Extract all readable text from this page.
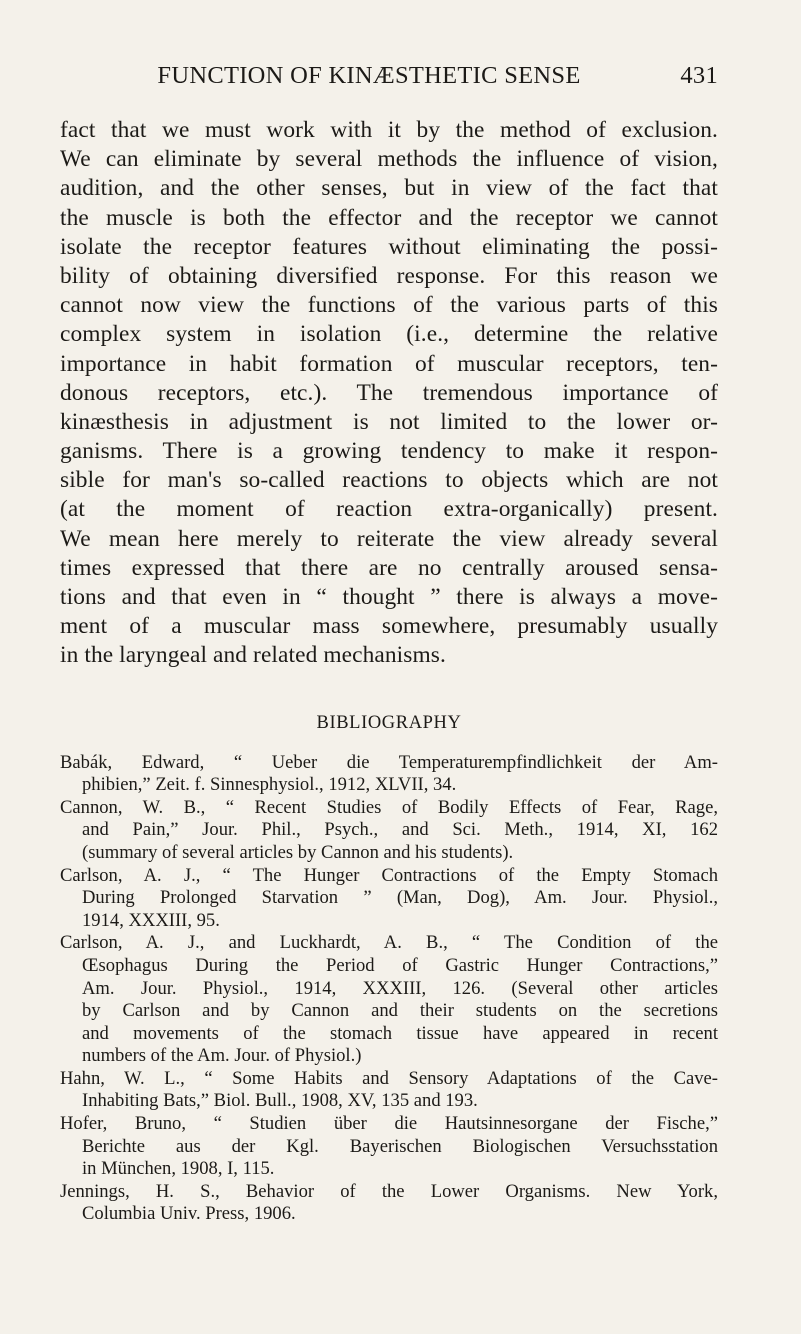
FUNCTION OF KINÆSTHETIC SENSE	431
fact that we must work with it by the method of exclusion.
We can eliminate by several methods the influence of vision,
audition, and the other senses, but in view of the fact that
the muscle is both the effector and the receptor we cannot
isolate the receptor features without eliminating the possi-
bility of obtaining diversified response. For this reason we
cannot now view the functions of the various parts of this
complex system in isolation (i.e., determine the relative
importance in habit formation of muscular receptors, ten-
donous receptors, etc.). The tremendous importance of
kinæsthesis in adjustment is not limited to the lower or-
ganisms. There is a growing tendency to make it respon-
sible for man's so-called reactions to objects which are not
(at the moment of reaction extra-organically) present.
We mean here merely to reiterate the view already several
times expressed that there are no centrally aroused sensa-
tions and that even in “ thought ” there is always a move-
ment of a muscular mass somewhere, presumably usually
in the laryngeal and related mechanisms.
BIBLIOGRAPHY
Babák, Edward, “ Ueber die Temperaturempfindlichkeit der Am-
phibien,” Zeit. f. Sinnesphysiol., 1912, XLVII, 34.
Cannon, W. B., “ Recent Studies of Bodily Effects of Fear, Rage,
and Pain,” Jour. Phil., Psych., and Sci. Meth., 1914, XI, 162
(summary of several articles by Cannon and his students).
Carlson, A. J., “ The Hunger Contractions of the Empty Stomach
During Prolonged Starvation ” (Man, Dog), Am. Jour. Physiol.,
1914, XXXIII, 95.
Carlson, A. J., and Luckhardt, A. B., “ The Condition of the
Œsophagus During the Period of Gastric Hunger Contractions,”
Am. Jour. Physiol., 1914, XXXIII, 126. (Several other articles
by Carlson and by Cannon and their students on the secretions
and movements of the stomach tissue have appeared in recent
numbers of the Am. Jour. of Physiol.)
Hahn, W. L., “ Some Habits and Sensory Adaptations of the Cave-
Inhabiting Bats,” Biol. Bull., 1908, XV, 135 and 193.
Hofer, Bruno, “ Studien über die Hautsinnesorgane der Fische,”
Berichte aus der Kgl. Bayerischen Biologischen Versuchsstation
in München, 1908, I, 115.
Jennings, H. S., Behavior of the Lower Organisms. New York,
Columbia Univ. Press, 1906.
